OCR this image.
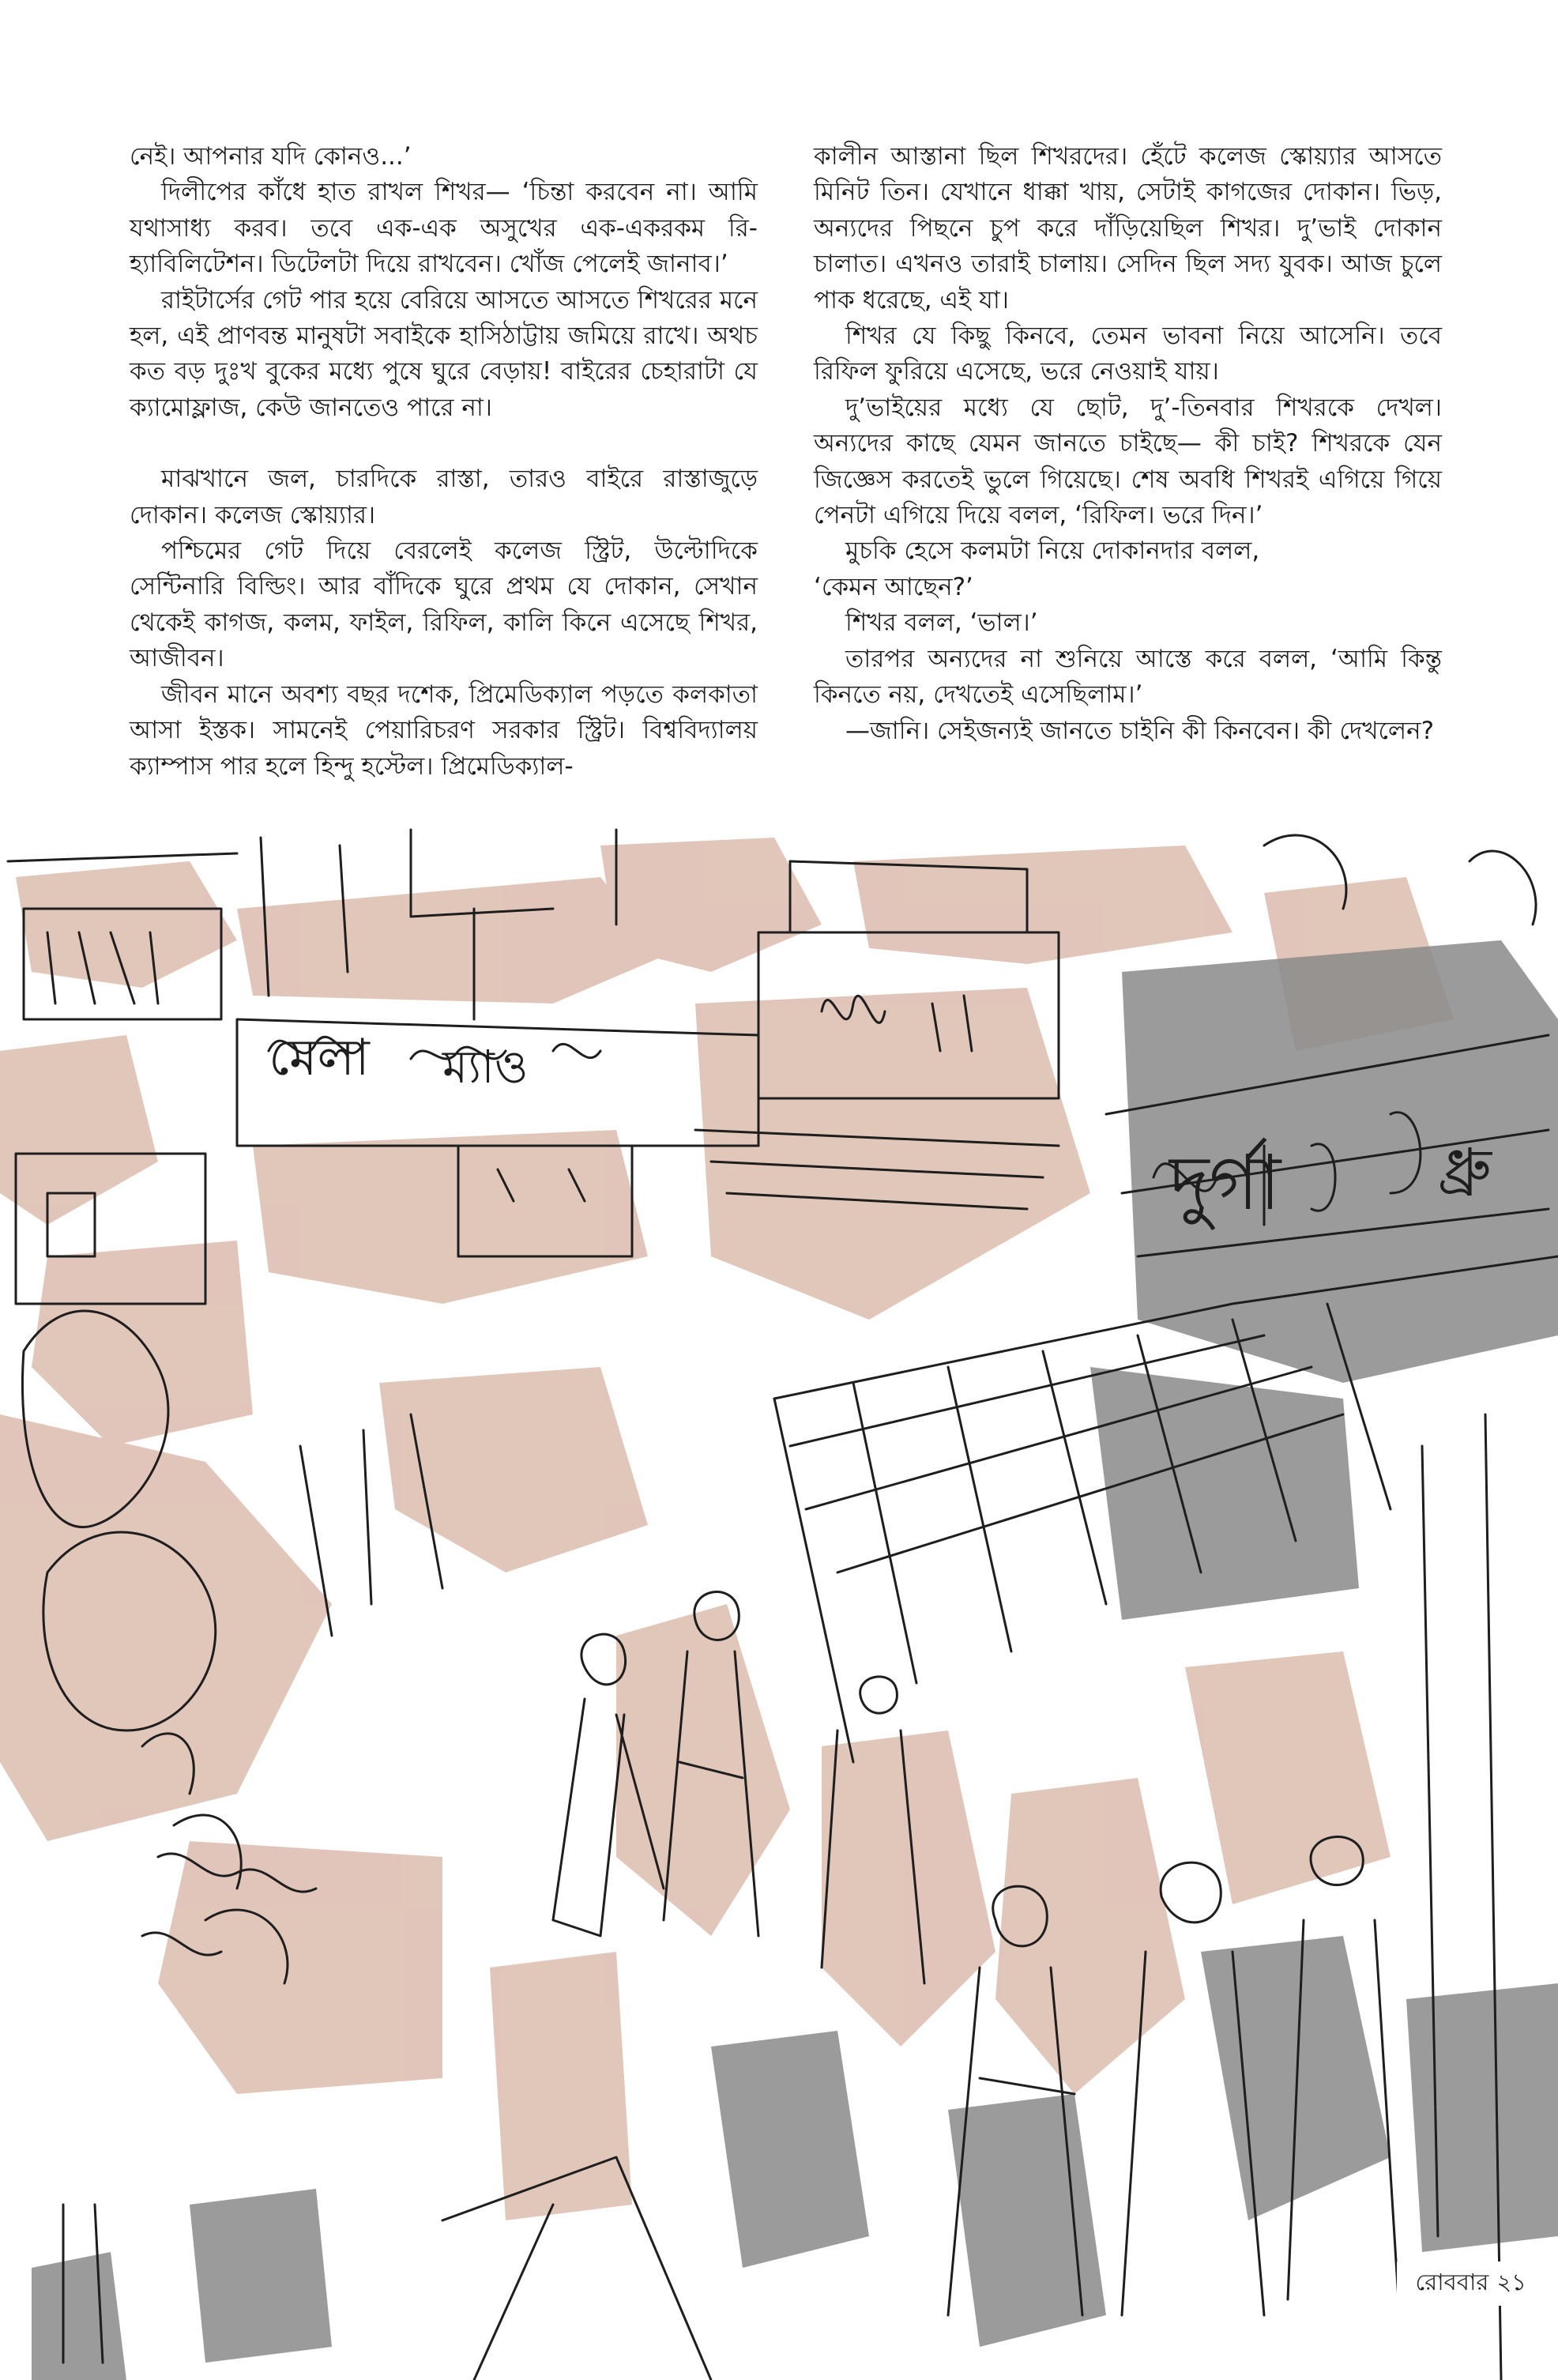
নেই। আপনার যদি কোনও...’

দিলীপের কাঁধে হাত রাখল শিখর— ‘চিন্তা করবেন না। আমি যথাসাধ্য করব। তবে এক-এক অসুখের এক-একরকম রি-হ্যাবিলিটেশন। ডিটেলটা দিয়ে রাখবেন। খোঁজ পেলেই জানাব।’

রাইটার্সের গেট পার হয়ে বেরিয়ে আসতে আসতে শিখরের মনে হল, এই প্রাণবন্ত মানুষটা সবাইকে হাসিঠাট্টায় জমিয়ে রাখে। অথচ কত বড় দুঃখ বুকের মধ্যে পুষে ঘুরে বেড়ায়! বাইরের চেহারাটা যে ক্যামোফ্লাজ, কেউ জানতেও পারে না।

মাঝখানে জল, চারদিকে রাস্তা, তারও বাইরে রাস্তাজুড়ে দোকান। কলেজ স্কোয়্যার।

পশ্চিমের গেট দিয়ে বেরলেই কলেজ স্ট্রিট, উল্টোদিকে সেন্টিনারি বিল্ডিং। আর বাঁদিকে ঘুরে প্রথম যে দোকান, সেখান থেকেই কাগজ, কলম, ফাইল, রিফিল, কালি কিনে এসেছে শিখর, আজীবন।

জীবন মানে অবশ্য বছর দশেক, প্রিমেডিক্যাল পড়তে কলকাতা আসা ইস্তক। সামনেই পেয়ারিচরণ সরকার স্ট্রিট। বিশ্ববিদ্যালয় ক্যাম্পাস পার হলে হিন্দু হস্টেল। প্রিমেডিক্যাল-

কালীন আস্তানা ছিল শিখরদের। হেঁটে কলেজ স্কোয়্যার আসতে মিনিট তিন। যেখানে ধাক্কা খায়, সেটাই কাগজের দোকান। ভিড়, অন্যদের পিছনে চুপ করে দাঁড়িয়েছিল শিখর। দু’ভাই দোকান চালাত। এখনও তারাই চালায়। সেদিন ছিল সদ্য যুবক। আজ চুলে পাক ধরেছে, এই যা।

শিখর যে কিছু কিনবে, তেমন ভাবনা নিয়ে আসেনি। তবে রিফিল ফুরিয়ে এসেছে, ভরে নেওয়াই যায়।

দু’ভাইয়ের মধ্যে যে ছোট, দু’-তিনবার শিখরকে দেখল। অন্যদের কাছে যেমন জানতে চাইছে— কী চাই? শিখরকে যেন জিজ্ঞেস করতেই ভুলে গিয়েছে। শেষ অবধি শিখরই এগিয়ে গিয়ে পেনটা এগিয়ে দিয়ে বলল, ‘রিফিল। ভরে দিন।’

মুচকি হেসে কলমটা নিয়ে দোকানদার বলল,

‘কেমন আছেন?’

শিখর বলল, ‘ভাল।’

তারপর অন্যদের না শুনিয়ে আস্তে করে বলল, ‘আমি কিন্তু কিনতে নয়, দেখতেই এসেছিলাম।’

—জানি। সেইজন্যই জানতে চাইনি কী কিনবেন। কী দেখলেন?

মেলা ম্যাও
দুর্গা ধ্রু
রোববার ২১
